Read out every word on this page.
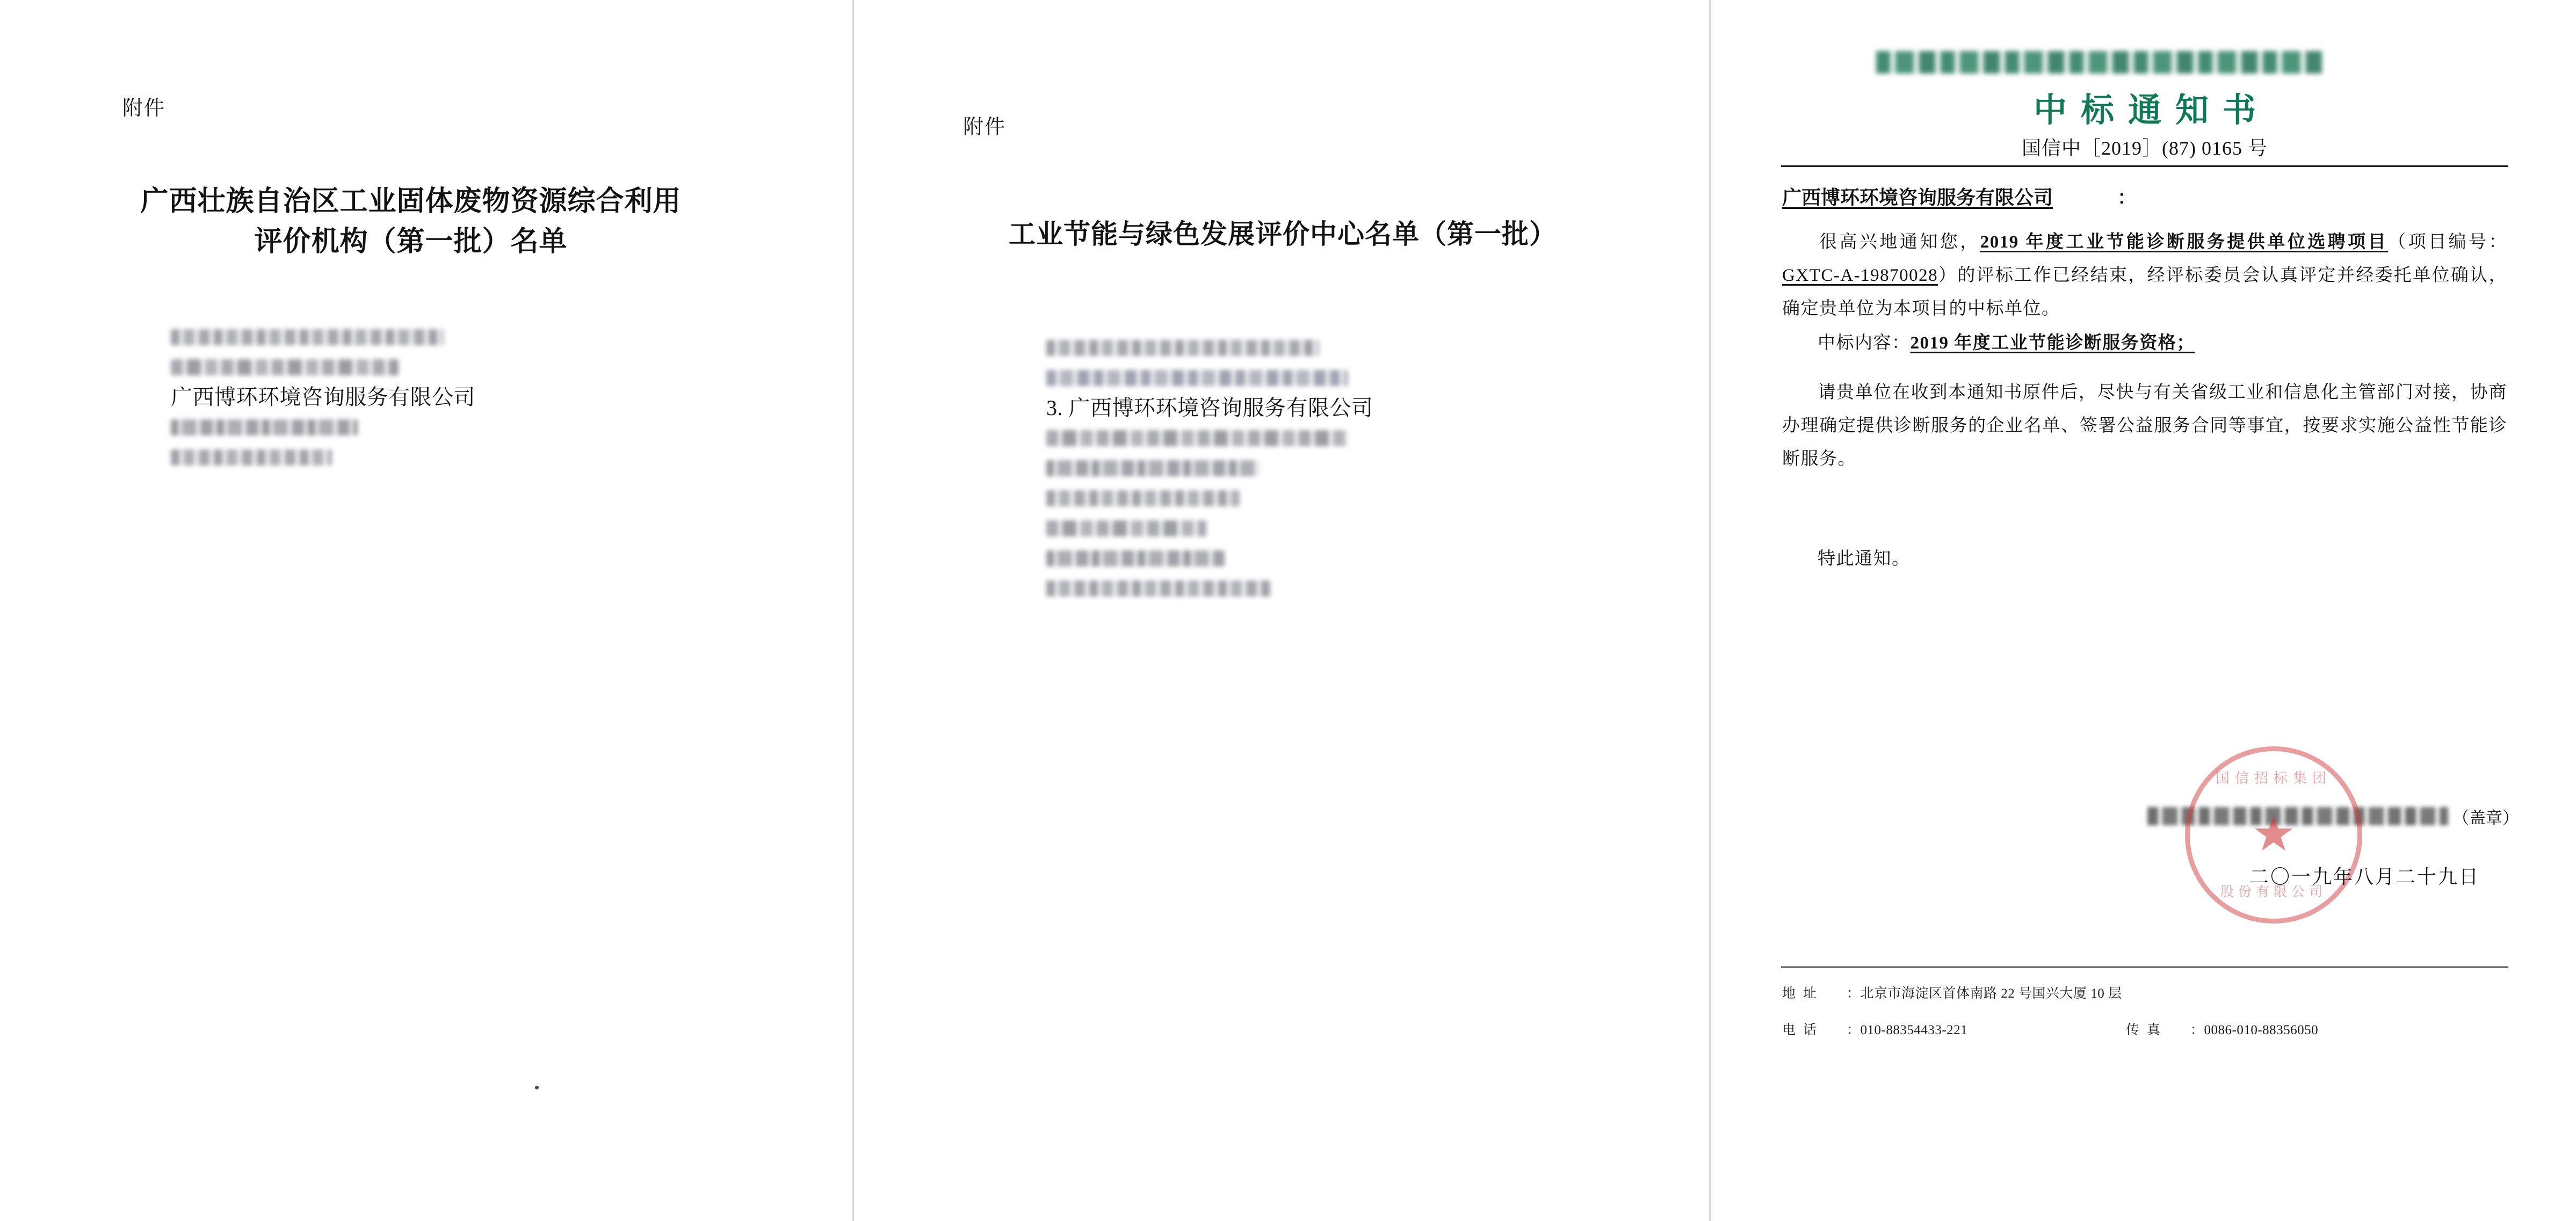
附件
广西壮族自治区工业固体废物资源综合利用
评价机构（第一批）名单
广西博环环境咨询服务有限公司
附件
工业节能与绿色发展评价中心名单（第一批）
3. 广西博环环境咨询服务有限公司
中标通知书
国信中［2019］(87) 0165 号
广西博环环境咨询服务有限公司	：
很高兴地通知您，2019 年度工业节能诊断服务提供单位选聘项目（项目编号：GXTC-A-19870028）的评标工作已经结束，经评标委员会认真评定并经委托单位确认，确定贵单位为本项目的中标单位。
中标内容：2019 年度工业节能诊断服务资格；
请贵单位在收到本通知书原件后，尽快与有关省级工业和信息化主管部门对接，协商办理确定提供诊断服务的企业名单、签署公益服务合同等事宜，按要求实施公益性节能诊断服务。
特此通知。
（盖章）
国信招标集团
★
股份有限公司
二〇一九年八月二十九日
地址 ：北京市海淀区首体南路 22 号国兴大厦 10 层
电话 ：010-88354433-221	传真 ：0086-010-88356050
